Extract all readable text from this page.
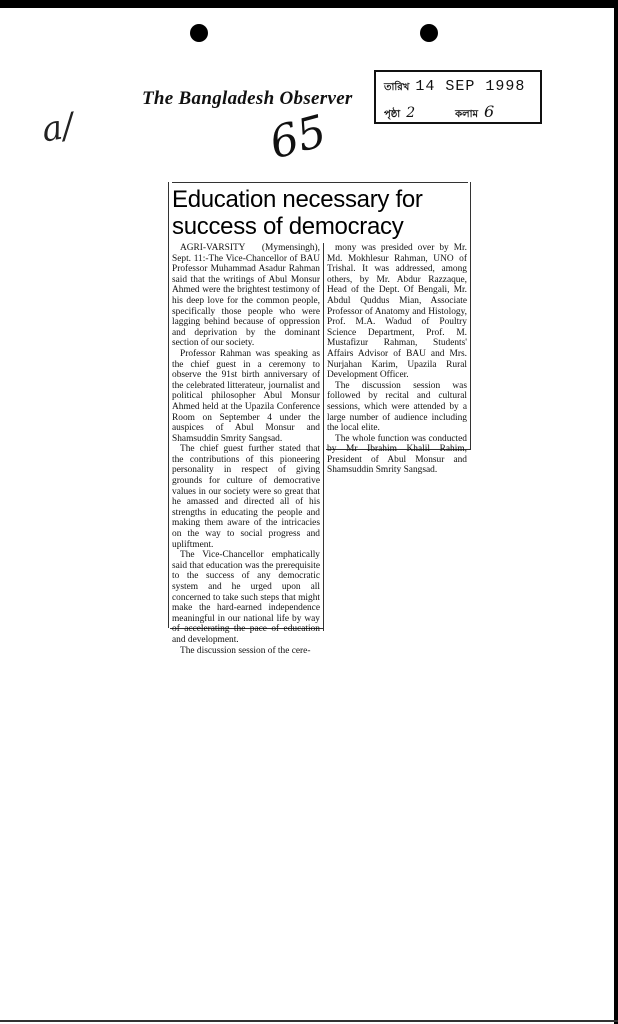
a/
The Bangladesh Observer
65
তারিখ 14 SEP 1998
পৃষ্ঠা 2	কলাম 6
Education necessary for
success of democracy

AGRI-VARSITY (Mymensingh), Sept. 11:-The Vice-Chancellor of BAU Professor Muhammad Asadur Rahman said that the writings of Abul Monsur Ahmed were the brightest testimony of his deep love for the common people, specifically those people who were lagging behind because of oppression and deprivation by the dominant section of our society.

Professor Rahman was speaking as the chief guest in a ceremony to observe the 91st birth anniversary of the celebrated litterateur, journalist and political philosopher Abul Monsur Ahmed held at the Upazila Conference Room on September 4 under the auspices of Abul Monsur and Shamsuddin Smrity Sangsad.

The chief guest further stated that the contributions of this pioneering personality in respect of giving grounds for culture of democrative values in our society were so great that he amassed and directed all of his strengths in educating the people and making them aware of the intricacies on the way to social progress and upliftment.

The Vice-Chancellor emphatically said that education was the prerequisite to the success of any democratic system and he urged upon all concerned to take such steps that might make the hard-earned independence meaningful in our national life by way of accelerating the pace of education and development.

The discussion session of the cere-

mony was presided over by Mr. Md. Mokhlesur Rahman, UNO of Trishal. It was addressed, among others, by Mr. Abdur Razzaque, Head of the Dept. Of Bengali, Mr. Abdul Quddus Mian, Associate Professor of Anatomy and Histology, Prof. M.A. Wadud of Poultry Science Department, Prof. M. Mustafizur Rahman, Students' Affairs Advisor of BAU and Mrs. Nurjahan Karim, Upazila Rural Development Officer.

The discussion session was followed by recital and cultural sessions, which were attended by a large number of audience including the local elite.

The whole function was conducted by Mr Ibrahim Khalil Rahim, President of Abul Monsur and Shamsuddin Smrity Sangsad.
